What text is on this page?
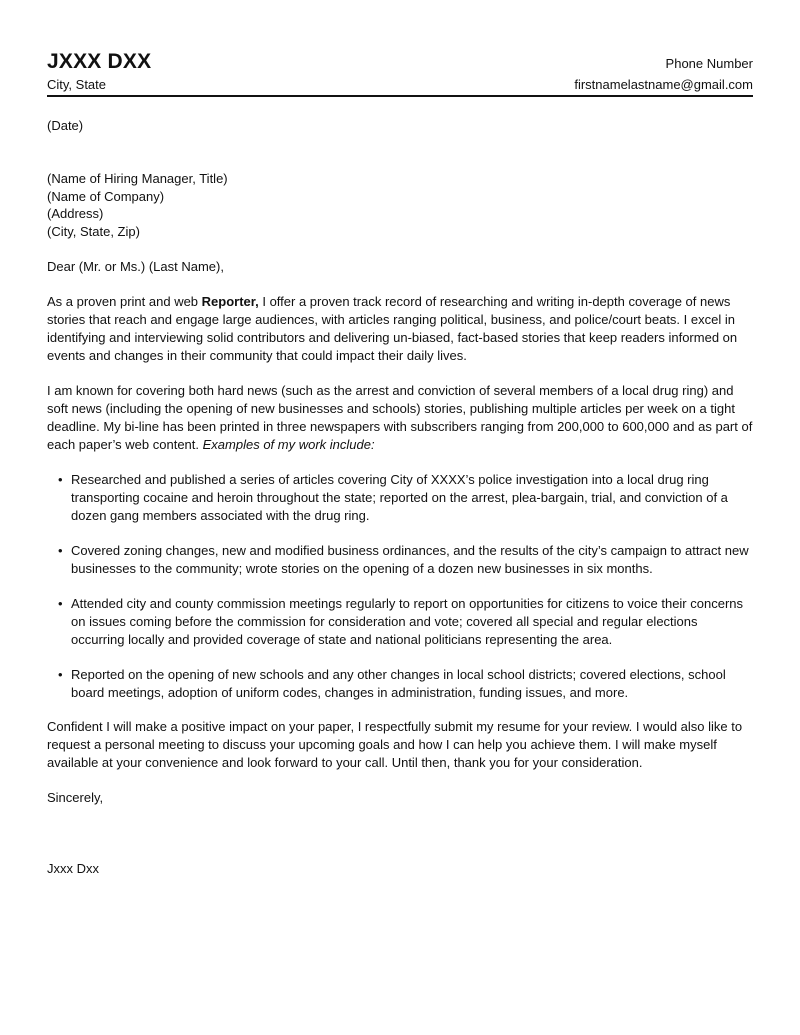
JXXX DXX	Phone Number
City, State	firstnamelastname@gmail.com
(Date)
(Name of Hiring Manager, Title)
(Name of Company)
(Address)
(City, State, Zip)
Dear (Mr. or Ms.) (Last Name),

As a proven print and web Reporter, I offer a proven track record of researching and writing in-depth coverage of news stories that reach and engage large audiences, with articles ranging political, business, and police/court beats. I excel in identifying and interviewing solid contributors and delivering un-biased, fact-based stories that keep readers informed on events and changes in their community that could impact their daily lives.

I am known for covering both hard news (such as the arrest and conviction of several members of a local drug ring) and soft news (including the opening of new businesses and schools) stories, publishing multiple articles per week on a tight deadline. My bi-line has been printed in three newspapers with subscribers ranging from 200,000 to 600,000 and as part of each paper’s web content. Examples of my work include:

• Researched and published a series of articles covering City of XXXX’s police investigation into a local drug ring transporting cocaine and heroin throughout the state; reported on the arrest, plea-bargain, trial, and conviction of a dozen gang members associated with the drug ring.
• Covered zoning changes, new and modified business ordinances, and the results of the city’s campaign to attract new businesses to the community; wrote stories on the opening of a dozen new businesses in six months.
• Attended city and county commission meetings regularly to report on opportunities for citizens to voice their concerns on issues coming before the commission for consideration and vote; covered all special and regular elections occurring locally and provided coverage of state and national politicians representing the area.
• Reported on the opening of new schools and any other changes in local school districts; covered elections, school board meetings, adoption of uniform codes, changes in administration, funding issues, and more.

Confident I will make a positive impact on your paper, I respectfully submit my resume for your review. I would also like to request a personal meeting to discuss your upcoming goals and how I can help you achieve them. I will make myself available at your convenience and look forward to your call. Until then, thank you for your consideration.

Sincerely,
Jxxx Dxx
